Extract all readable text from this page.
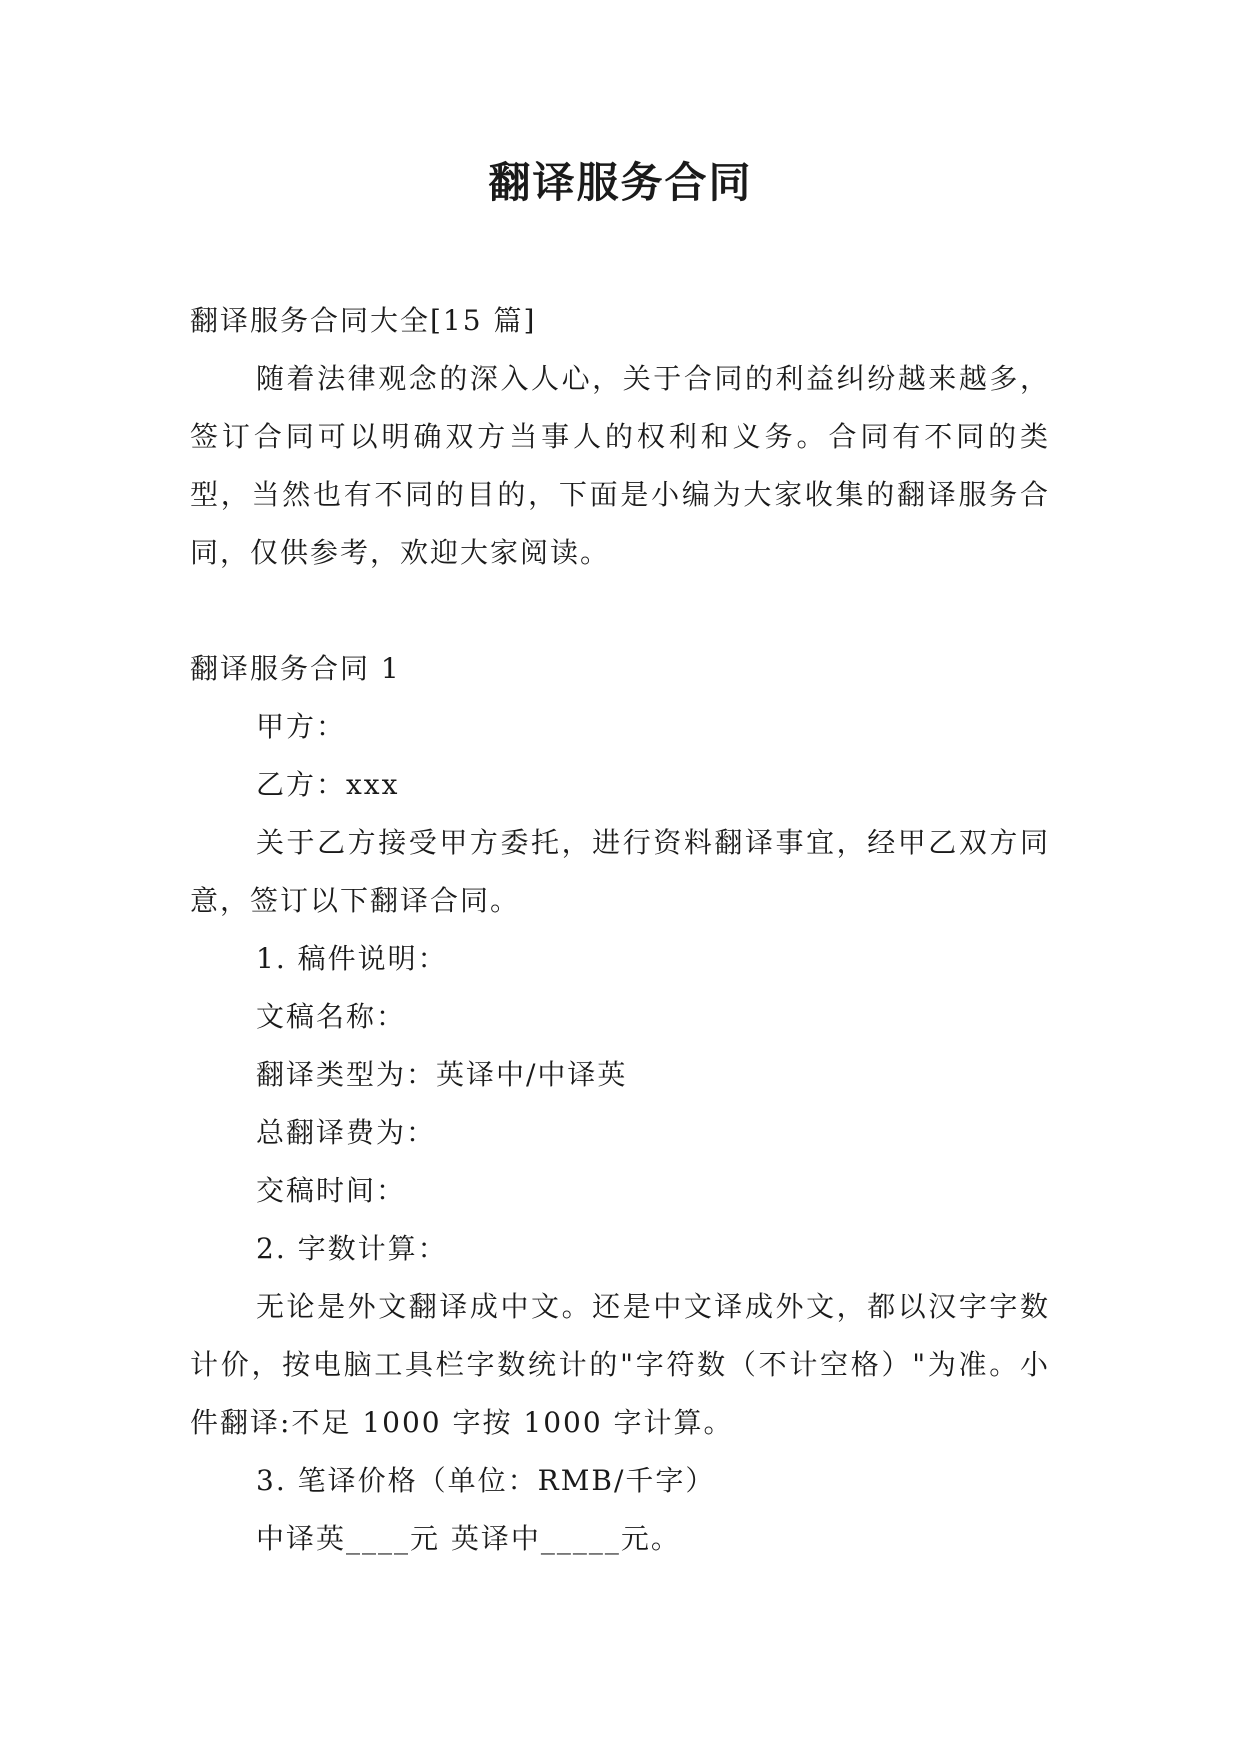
翻译服务合同
翻译服务合同大全[15 篇]

随着法律观念的深入人心，关于合同的利益纠纷越来越多，签订合同可以明确双方当事人的权利和义务。合同有不同的类型，当然也有不同的目的，下面是小编为大家收集的翻译服务合同，仅供参考，欢迎大家阅读。

翻译服务合同 1
甲方：
乙方：xxx

关于乙方接受甲方委托，进行资料翻译事宜，经甲乙双方同意，签订以下翻译合同。

1. 稿件说明：
文稿名称：
翻译类型为：英译中/中译英
总翻译费为：
交稿时间：
2. 字数计算：

无论是外文翻译成中文。还是中文译成外文，都以汉字字数计价，按电脑工具栏字数统计的"字符数（不计空格）"为准。小件翻译:不足 1000 字按 1000 字计算。

3. 笔译价格（单位：RMB/千字）
中译英____元 英译中_____元。
